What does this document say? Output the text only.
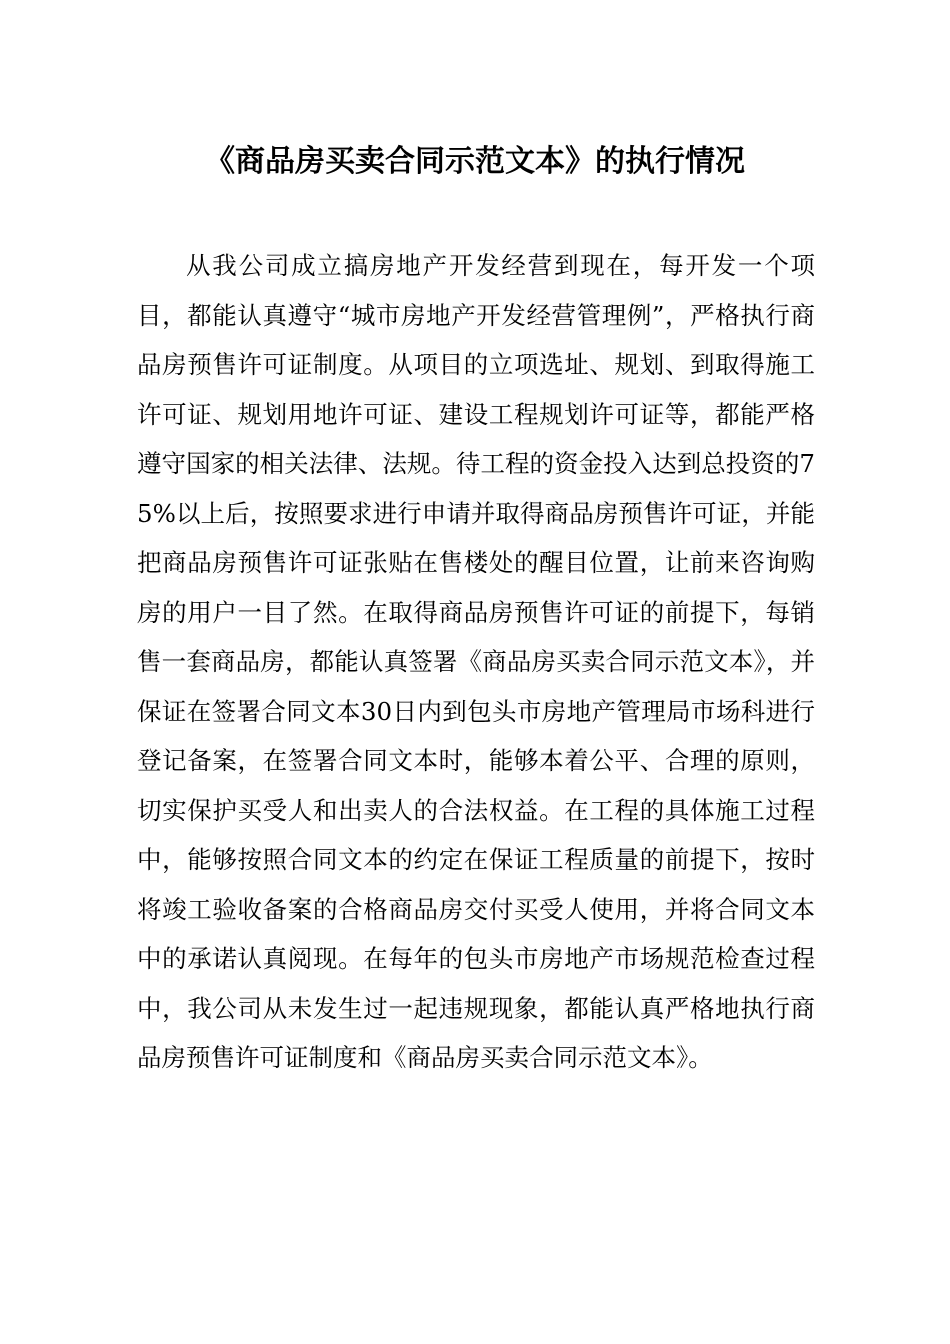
《商品房买卖合同示范文本》的执行情况

从我公司成立搞房地产开发经营到现在，每开发一个项目，都能认真遵守“城市房地产开发经营管理例”，严格执行商品房预售许可证制度。从项目的立项选址、规划、到取得施工许可证、规划用地许可证、建设工程规划许可证等，都能严格遵守国家的相关法律、法规。待工程的资金投入达到总投资的75%以上后，按照要求进行申请并取得商品房预售许可证，并能把商品房预售许可证张贴在售楼处的醒目位置，让前来咨询购房的用户一目了然。在取得商品房预售许可证的前提下，每销售一套商品房，都能认真签署《商品房买卖合同示范文本》，并保证在签署合同文本30日内到包头市房地产管理局市场科进行登记备案，在签署合同文本时，能够本着公平、合理的原则，切实保护买受人和出卖人的合法权益。在工程的具体施工过程中，能够按照合同文本的约定在保证工程质量的前提下，按时将竣工验收备案的合格商品房交付买受人使用，并将合同文本中的承诺认真阅现。在每年的包头市房地产市场规范检查过程中，我公司从未发生过一起违规现象，都能认真严格地执行商品房预售许可证制度和《商品房买卖合同示范文本》。
